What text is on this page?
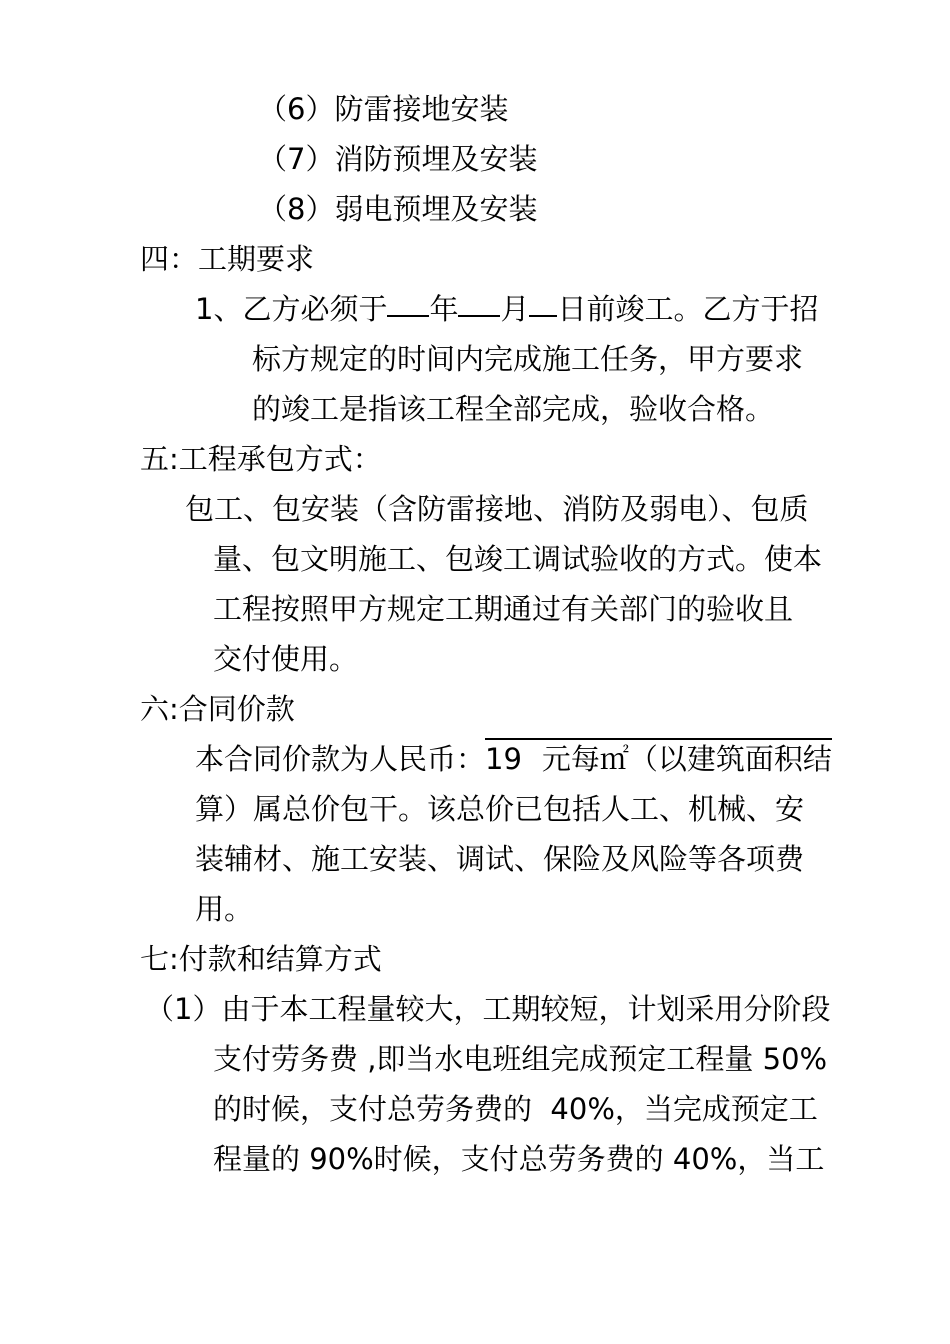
（6）防雷接地安装
（7）消防预埋及安装
（8）弱电预埋及安装
四：工期要求
1、乙方必须于 年 月 日前竣工。乙方于招
标方规定的时间内完成施工任务，甲方要求
的竣工是指该工程全部完成，验收合格。
五:工程承包方式：
包工、包安装（含防雷接地、消防及弱电）、包质
量、包文明施工、包竣工调试验收的方式。使本
工程按照甲方规定工期通过有关部门的验收且
交付使用。
六:合同价款
本合同价款为人民币：19 元每㎡（以建筑面积结
算）属总价包干。该总价已包括人工、机械、安
装辅材、施工安装、调试、保险及风险等各项费
用。
七:付款和结算方式
（1）由于本工程量较大，工期较短，计划采用分阶段
支付劳务费 ,即当水电班组完成预定工程量 50%
的时候，支付总劳务费的  40%，当完成预定工
程量的 90%时候，支付总劳务费的 40%，当工
